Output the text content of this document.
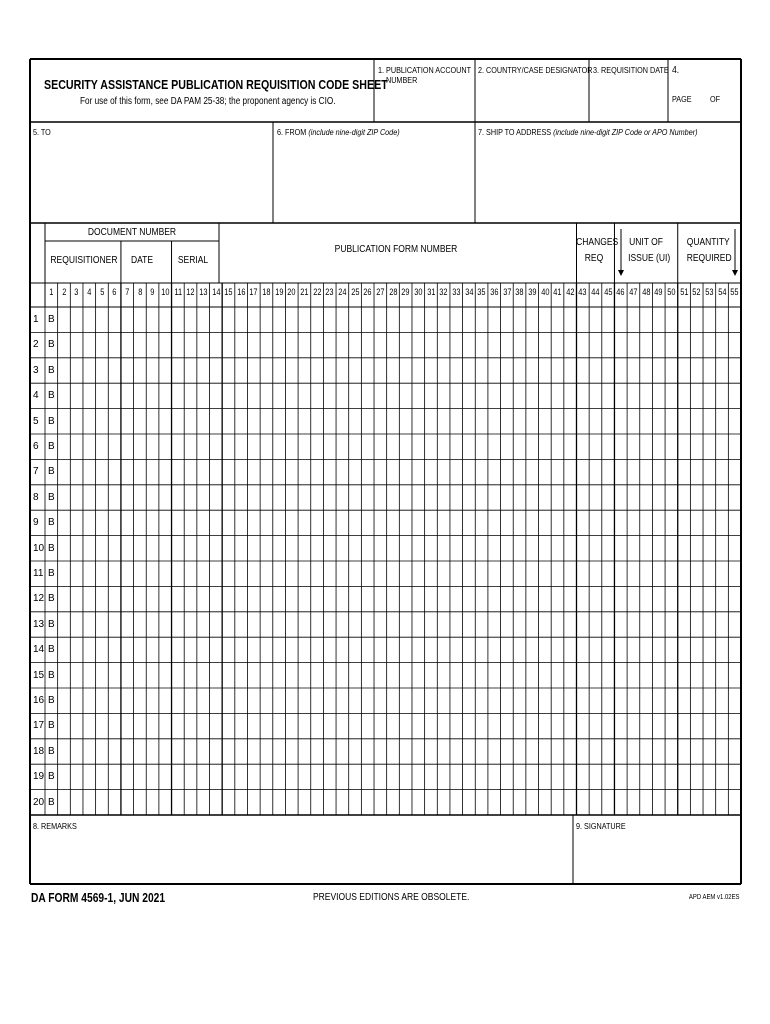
SECURITY ASSISTANCE PUBLICATION REQUISITION CODE SHEET
For use of this form, see DA PAM 25-38; the proponent agency is CIO.
1. PUBLICATION ACCOUNT
NUMBER
2. COUNTRY/CASE DESIGNATOR 3. REQUISITION DATE 4.
PAGE OF
5. TO	6. FROM (include nine-digit ZIP Code)	7. SHIP TO ADDRESS (include nine-digit ZIP Code or APO Number)
DOCUMENT NUMBER
REQUISITIONER	DATE	SERIAL
PUBLICATION FORM NUMBER
CHANGES
REQ
UNIT OF
ISSUE (UI)
QUANTITY
REQUIRED
1 2 3 4 5 6 7 8 9 10 11 12 13 14 15 16 17 18 19 20 21 22 23 24 25 26 27 28 29 30 31 32 33 34 35 36 37 38 39 40 41 42 43 44 45 46 47 48 49 50 51 52 53 54 55
1 B
2 B
3 B
4 B
5 B
6 B
7 B
8 B
9 B
10 B
11 B
12 B
13 B
14 B
15 B
16 B
17 B
18 B
19 B
20 B
8. REMARKS	9. SIGNATURE
DA FORM 4569-1, JUN 2021	PREVIOUS EDITIONS ARE OBSOLETE.	APD AEM v1.02ES
